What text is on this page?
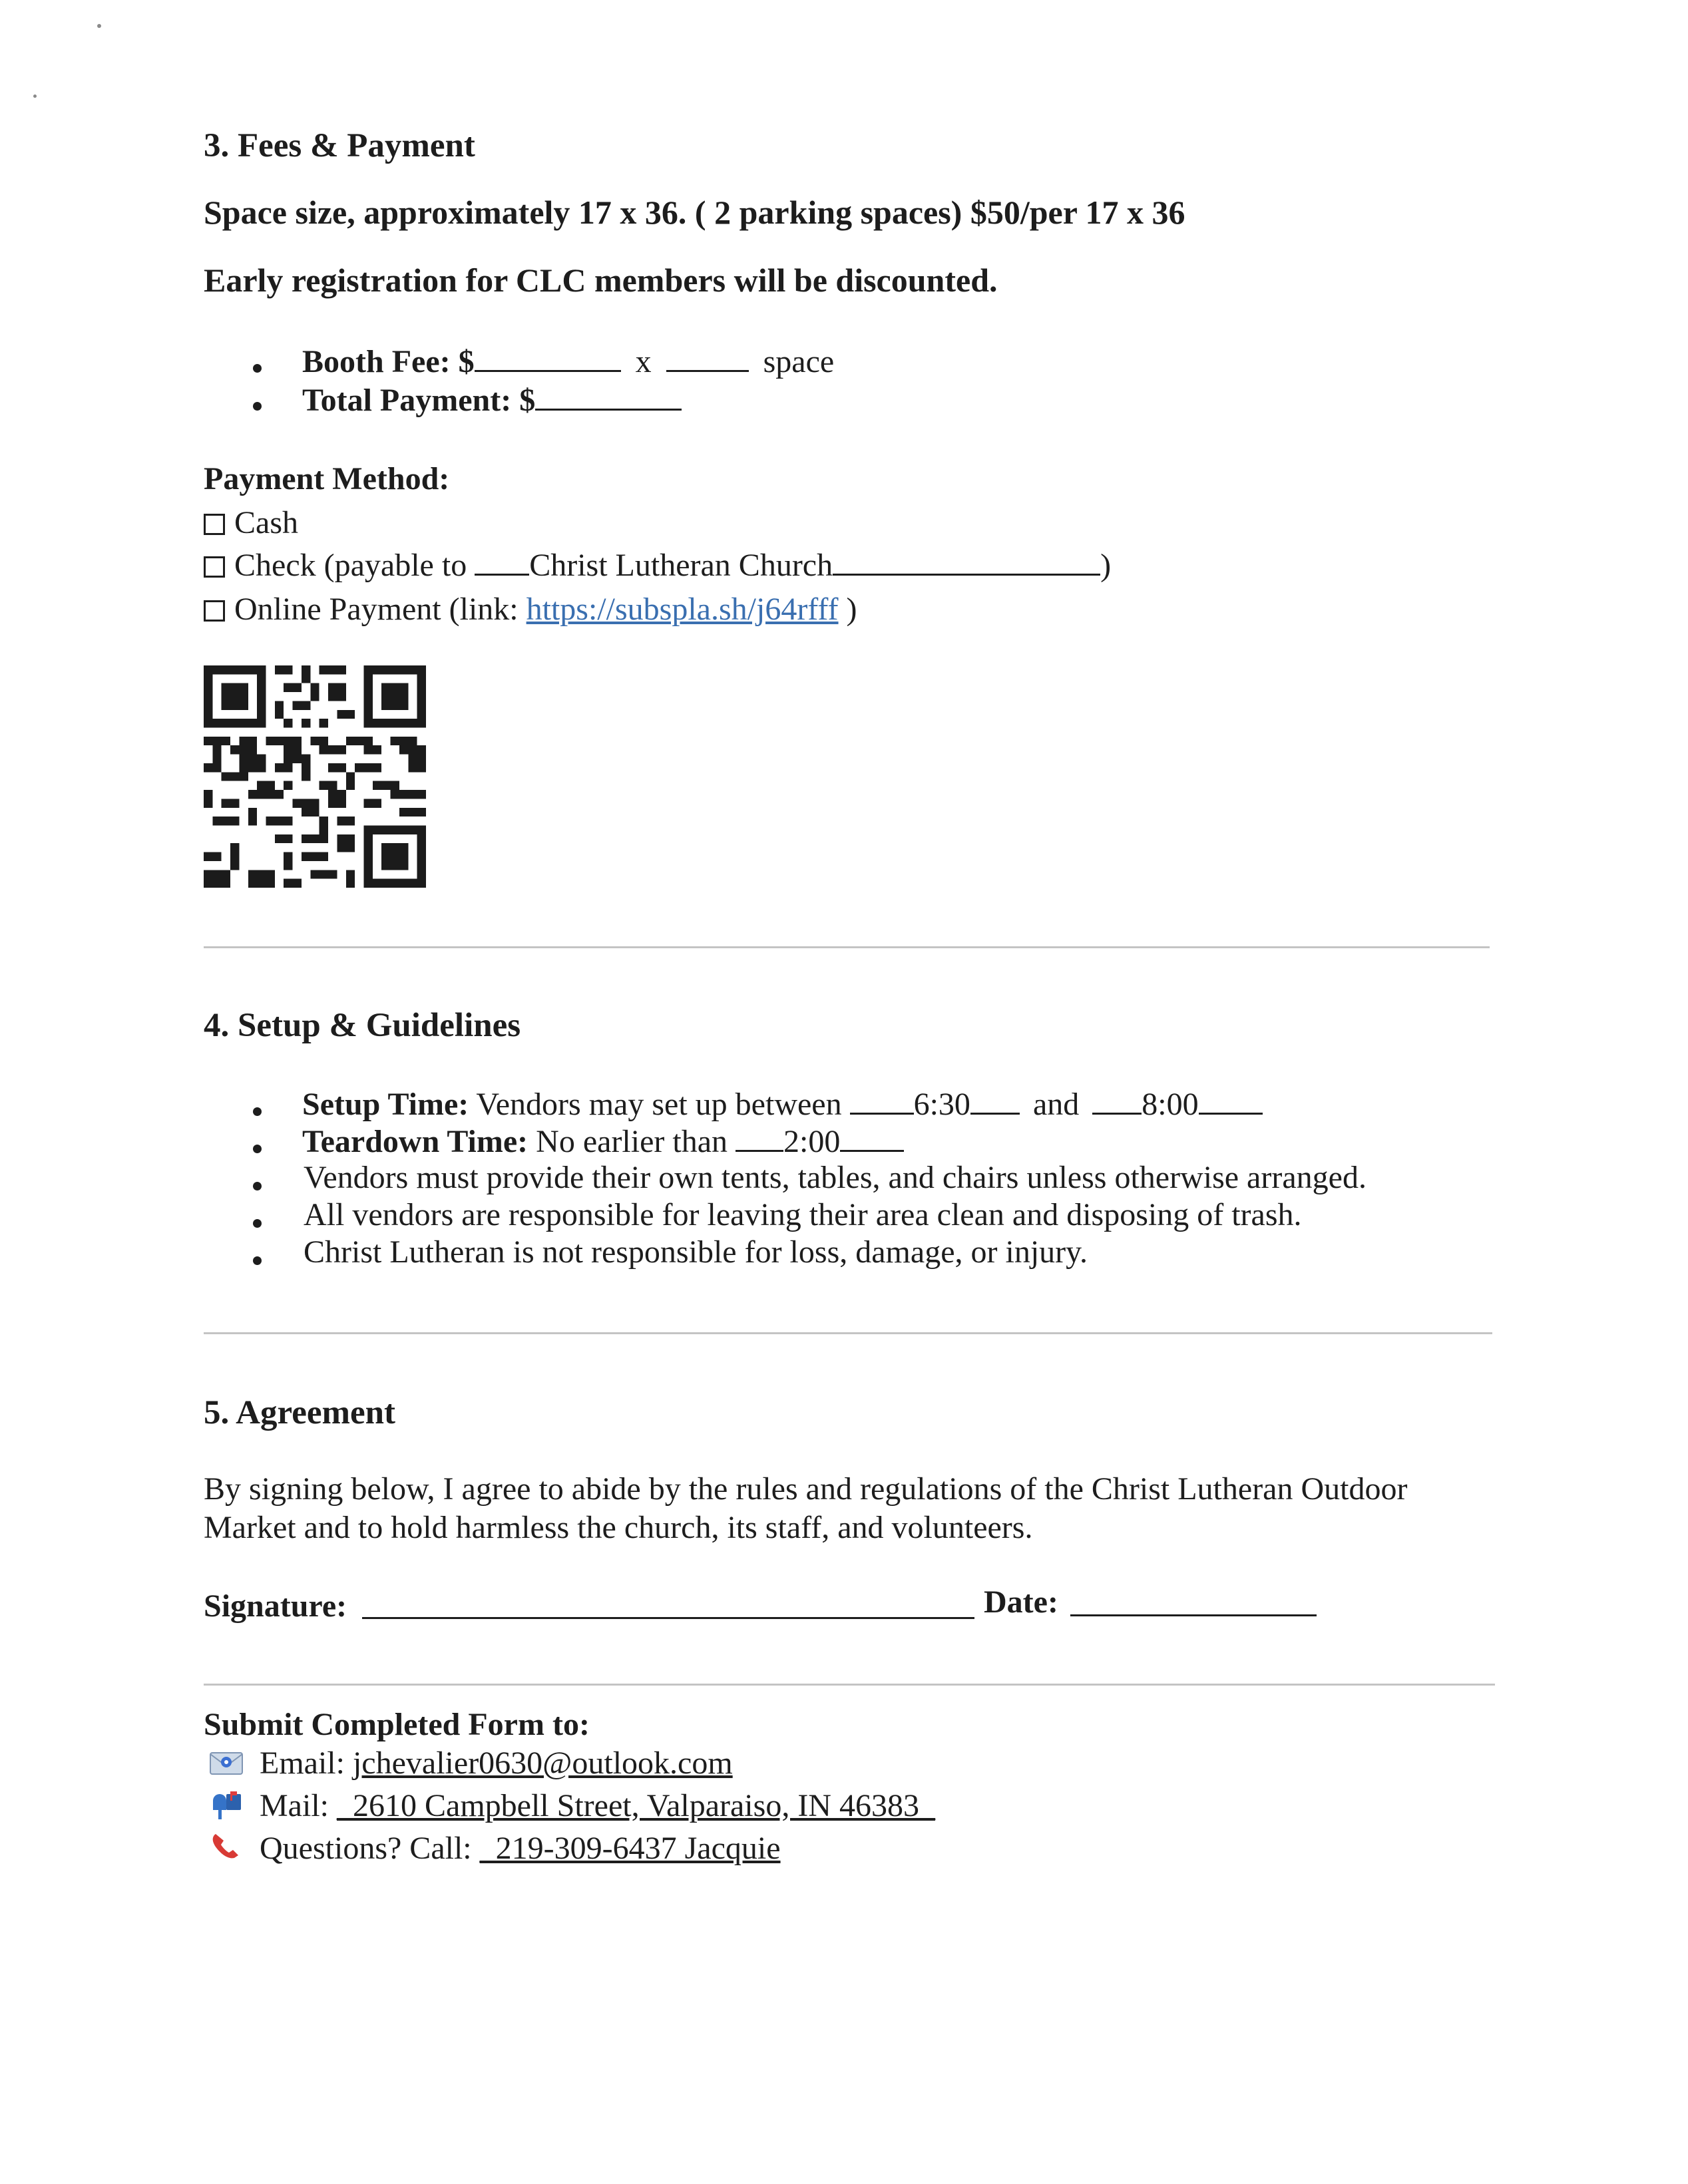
3. Fees & Payment
Space size, approximately 17 x 36. ( 2 parking spaces) $50/per 17 x 36
Early registration for CLC members will be discounted.
Booth Fee: $	x	space
Total Payment: $
Payment Method:
Cash
Check (payable to Christ Lutheran Church	)
Online Payment (link: https://subspla.sh/j64rfff )
4. Setup & Guidelines
Setup Time: Vendors may set up between 6:30 and 8:00
Teardown Time: No earlier than 2:00
Vendors must provide their own tents, tables, and chairs unless otherwise arranged.
All vendors are responsible for leaving their area clean and disposing of trash.
Christ Lutheran is not responsible for loss, damage, or injury.
5. Agreement
By signing below, I agree to abide by the rules and regulations of the Christ Lutheran Outdoor
Market and to hold harmless the church, its staff, and volunteers.
Signature:	Date:
Submit Completed Form to:
Email: jchevalier0630@outlook.com
Mail: _2610 Campbell Street, Valparaiso, IN 46383_
Questions? Call: _219-309-6437 Jacquie
